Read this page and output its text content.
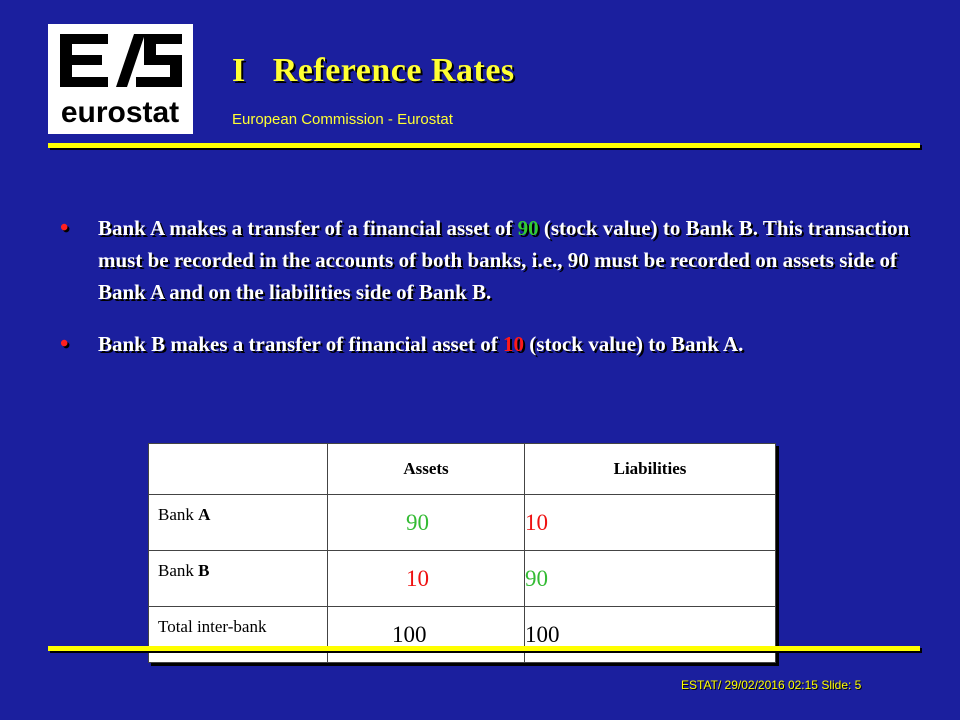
eurostat
I   Reference Rates
European Commission - Eurostat
• Bank A makes a transfer of a financial asset of 90 (stock value) to Bank B. This transaction must be recorded in the accounts of both banks, i.e., 90 must be recorded on assets side of Bank A and on the liabilities side of Bank B.
• Bank B makes a transfer of financial asset of 10 (stock value) to Bank A.
	Assets	Liabilities
Bank A	90	10
Bank B	10	90
Total inter-bank	100	100
ESTAT/ 29/02/2016 02:15 Slide: 5
